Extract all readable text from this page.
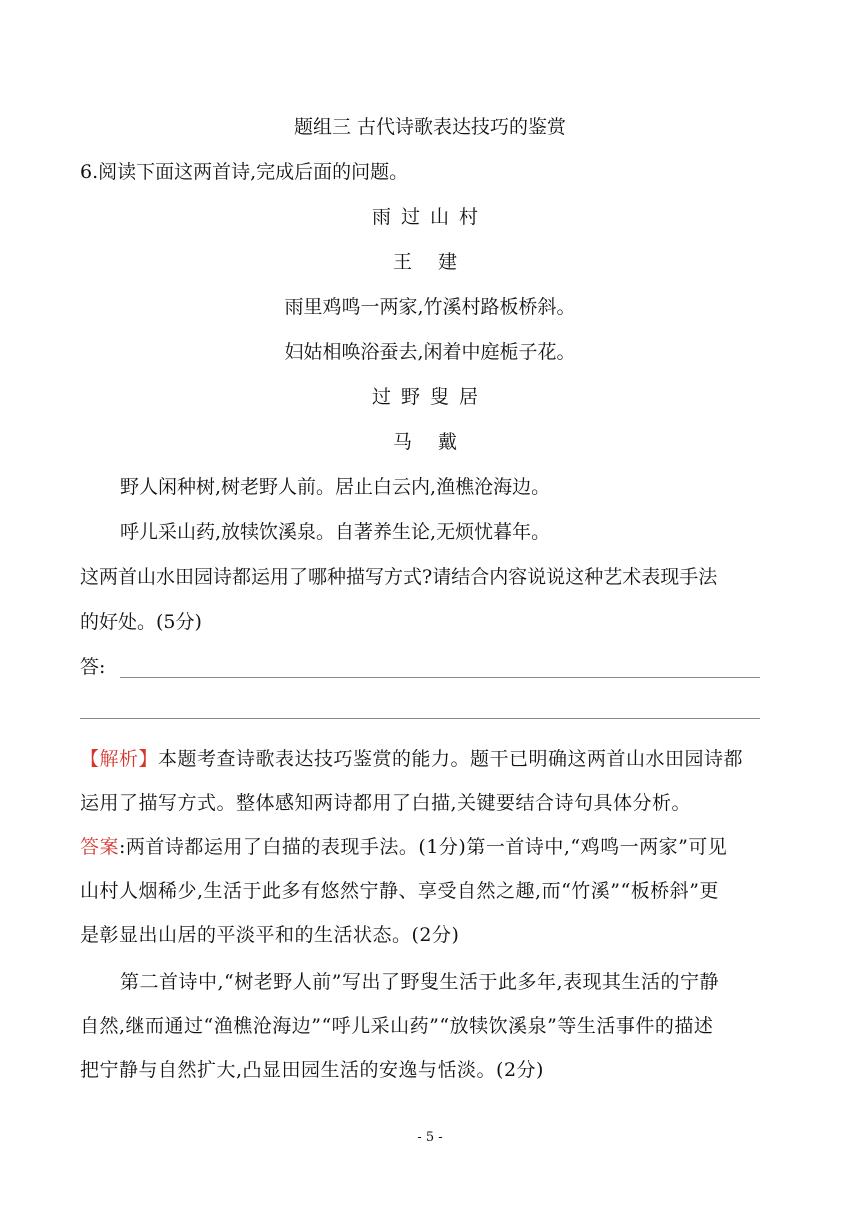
题组三 古代诗歌表达技巧的鉴赏
6.阅读下面这两首诗,完成后面的问题。
雨过山村
王 建
雨里鸡鸣一两家,竹溪村路板桥斜。
妇姑相唤浴蚕去,闲着中庭栀子花。
过野叟居
马 戴
野人闲种树,树老野人前。居止白云内,渔樵沧海边。
呼儿采山药,放犊饮溪泉。自著养生论,无烦忧暮年。
这两首山水田园诗都运用了哪种描写方式?请结合内容说说这种艺术表现手法
的好处。(5分)
答:
【解析】本题考查诗歌表达技巧鉴赏的能力。题干已明确这两首山水田园诗都
运用了描写方式。整体感知两诗都用了白描,关键要结合诗句具体分析。
答案:两首诗都运用了白描的表现手法。(1分)第一首诗中,“鸡鸣一两家”可见
山村人烟稀少,生活于此多有悠然宁静、享受自然之趣,而“竹溪”“板桥斜”更
是彰显出山居的平淡平和的生活状态。(2分)
第二首诗中,“树老野人前”写出了野叟生活于此多年,表现其生活的宁静
自然,继而通过“渔樵沧海边”“呼儿采山药”“放犊饮溪泉”等生活事件的描述
把宁静与自然扩大,凸显田园生活的安逸与恬淡。(2分)
- 5 -
